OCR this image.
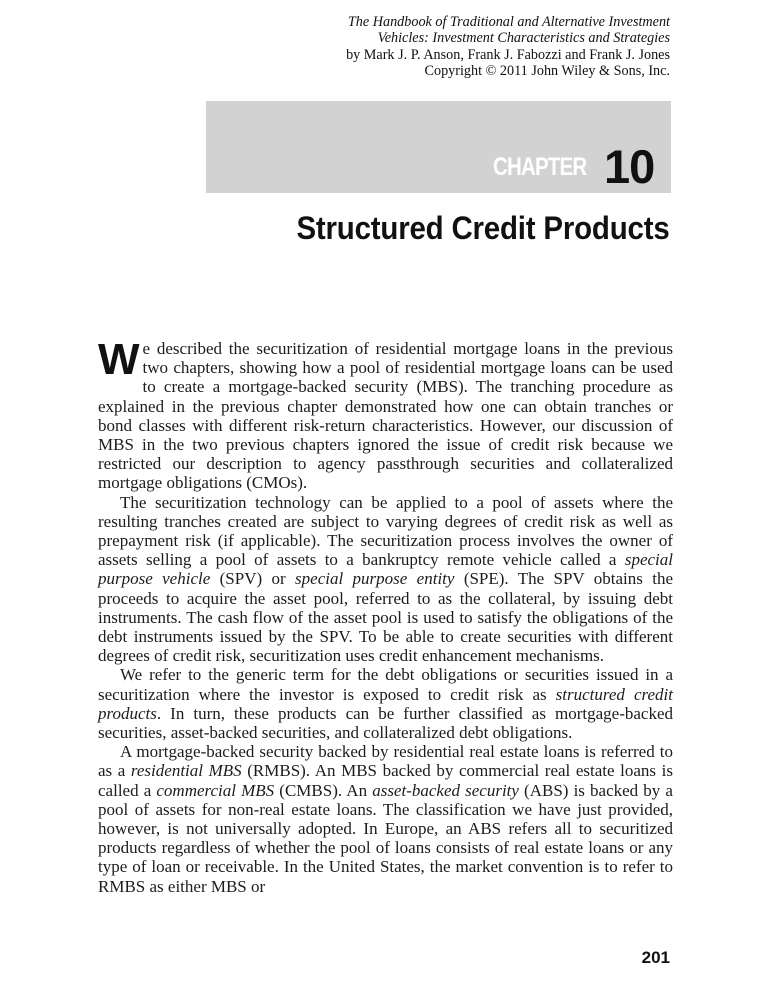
The Handbook of Traditional and Alternative Investment
Vehicles: Investment Characteristics and Strategies
by Mark J. P. Anson, Frank J. Fabozzi and Frank J. Jones
Copyright © 2011 John Wiley & Sons, Inc.
CHAPTER 10
Structured Credit Products

We described the securitization of residential mortgage loans in the previous two chapters, showing how a pool of residential mortgage loans can be used to create a mortgage-backed security (MBS). The tranching procedure as explained in the previous chapter demonstrated how one can obtain tranches or bond classes with different risk-return characteristics. However, our discussion of MBS in the two previous chapters ignored the issue of credit risk because we restricted our description to agency passthrough securities and collateralized mortgage obligations (CMOs).

The securitization technology can be applied to a pool of assets where the resulting tranches created are subject to varying degrees of credit risk as well as prepayment risk (if applicable). The securitization process involves the owner of assets selling a pool of assets to a bankruptcy remote vehicle called a special purpose vehicle (SPV) or special purpose entity (SPE). The SPV obtains the proceeds to acquire the asset pool, referred to as the collateral, by issuing debt instruments. The cash flow of the asset pool is used to satisfy the obligations of the debt instruments issued by the SPV. To be able to create securities with different degrees of credit risk, securitization uses credit enhancement mechanisms.

We refer to the generic term for the debt obligations or securities issued in a securitization where the investor is exposed to credit risk as structured credit products. In turn, these products can be further classified as mortgage-backed securities, asset-backed securities, and collateralized debt obligations.

A mortgage-backed security backed by residential real estate loans is referred to as a residential MBS (RMBS). An MBS backed by commercial real estate loans is called a commercial MBS (CMBS). An asset-backed security (ABS) is backed by a pool of assets for non-real estate loans. The classification we have just provided, however, is not universally adopted. In Europe, an ABS refers all to securitized products regardless of whether the pool of loans consists of real estate loans or any type of loan or receivable. In the United States, the market convention is to refer to RMBS as either MBS or

201
